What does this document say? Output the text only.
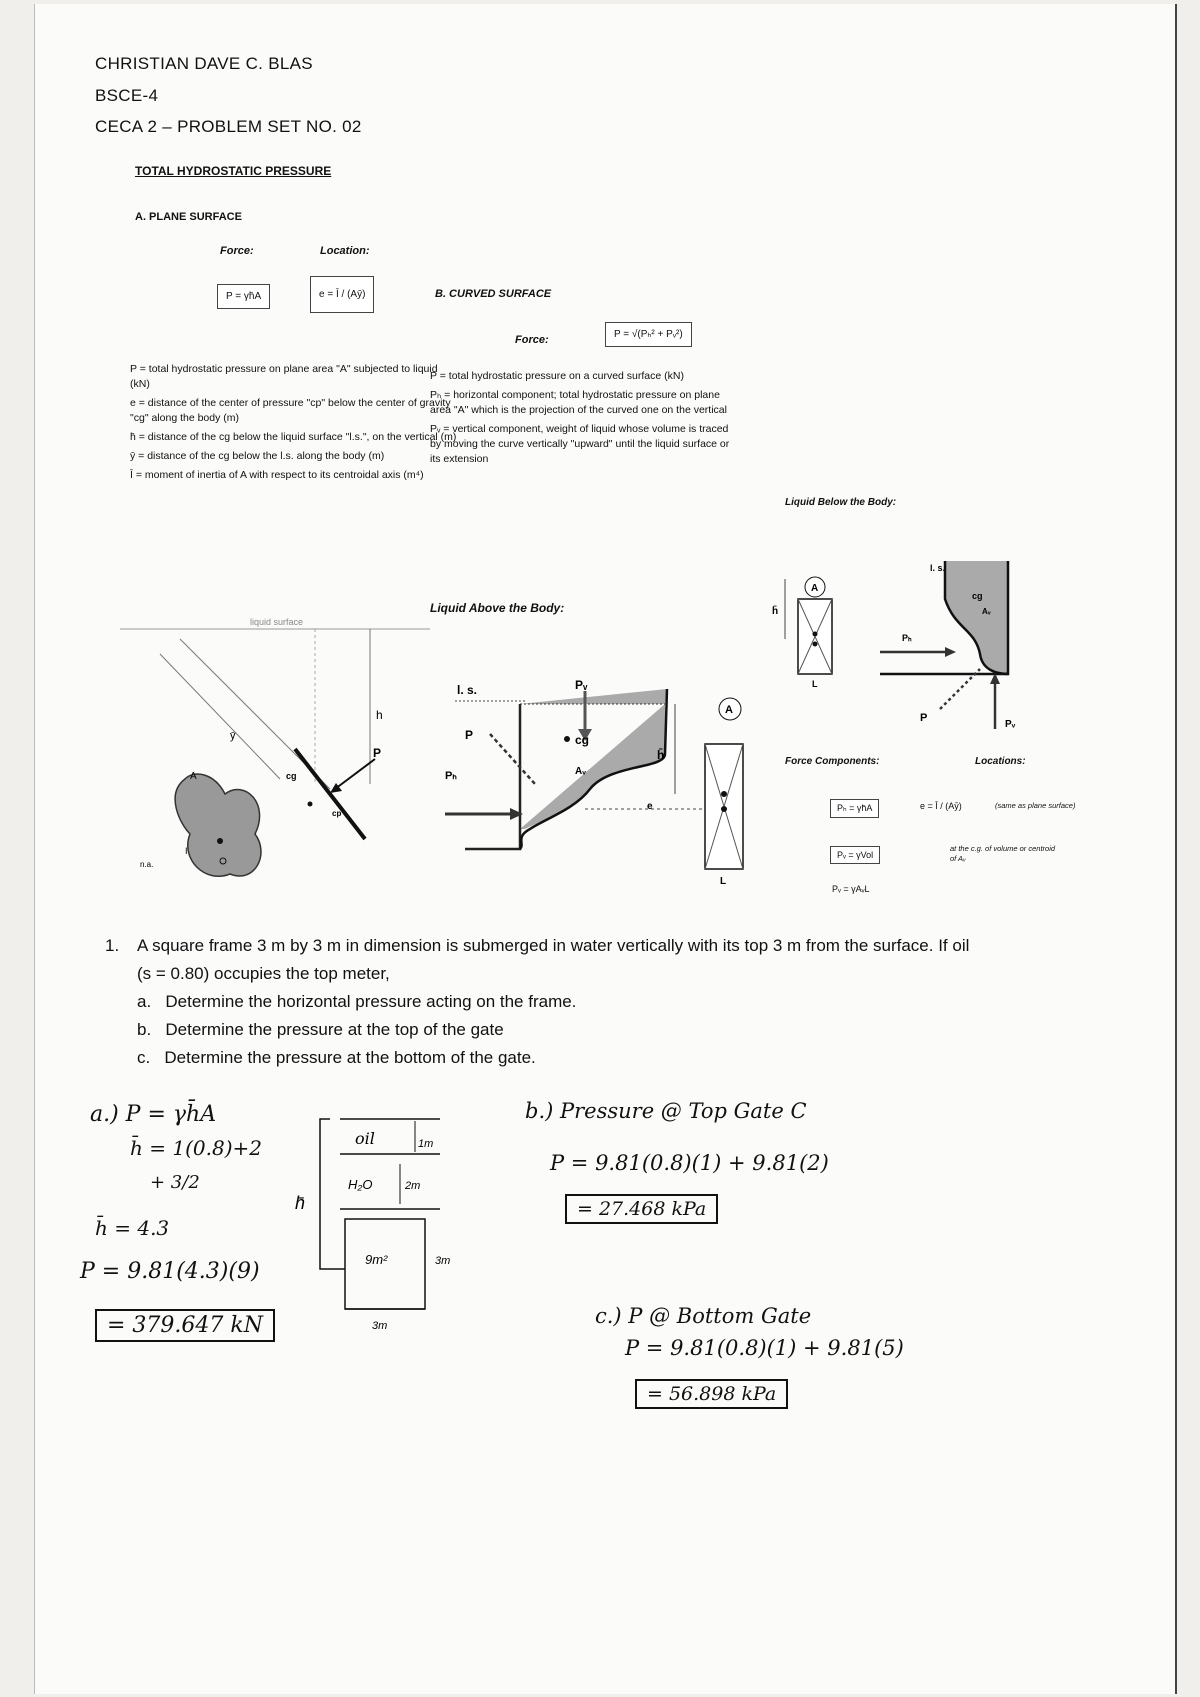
CHRISTIAN DAVE C. BLAS
BSCE-4
CECA 2 – PROBLEM SET NO. 02
TOTAL HYDROSTATIC PRESSURE
A. PLANE SURFACE
Force:	Location:
P = γh̄A	e = Ī / (Aȳ)

P = total hydrostatic pressure on plane area "A" subjected to liquid (kN)

e = distance of the center of pressure "cp" below the center of gravity "cg" along the body (m)

h̄ = distance of the cg below the liquid surface "l.s.", on the vertical (m)

ȳ = distance of the cg below the l.s. along the body (m)

Ī = moment of inertia of A with respect to its centroidal axis (m⁴)

liquid surface
h
ȳ
P
A	cg
cp
I
n.a.
B. CURVED SURFACE
Force:	P = √(Pₕ² + Pᵥ²)

P = total hydrostatic pressure on a curved surface (kN)

Pₕ = horizontal component; total hydrostatic pressure on plane area "A" which is the projection of the curved one on the vertical

Pᵥ = vertical component, weight of liquid whose volume is traced by moving the curve vertically "upward" until the liquid surface or its extension

Liquid Above the Body:
Liquid Below the Body:
l. s.	Pᵥ
P
Pₕ
cg
Aᵥ
h̄
e
A
L
h̄
A
L
l. s.
cg
Aᵥ
Pₕ
P
Pᵥ
Force Components:	Locations:
Pₕ = γh̄A
Pᵥ = γVol
Pᵥ = γAᵥL
e = Ī / (Aȳ)	(same as plane surface)
at the c.g. of volume or centroid of Aᵥ
1. A square frame 3 m by 3 m in dimension is submerged in water vertically with its top 3 m from the surface. If oil
(s = 0.80) occupies the top meter,
a. Determine the horizontal pressure acting on the frame.
b. Determine the pressure at the top of the gate
c. Determine the pressure at the bottom of the gate.
a.) P = γh̄A
h̄ = 1(0.8)+2
+ 3/2
h̄ = 4.3
P = 9.81(4.3)(9)
= 379.647 kN
oil	1m
H₂O	2m
h̄
9m²	3m
3m
b.) Pressure @ Top Gate C
P = 9.81(0.8)(1) + 9.81(2)
= 27.468 kPa
c.) P @ Bottom Gate
P = 9.81(0.8)(1) + 9.81(5)
= 56.898 kPa
